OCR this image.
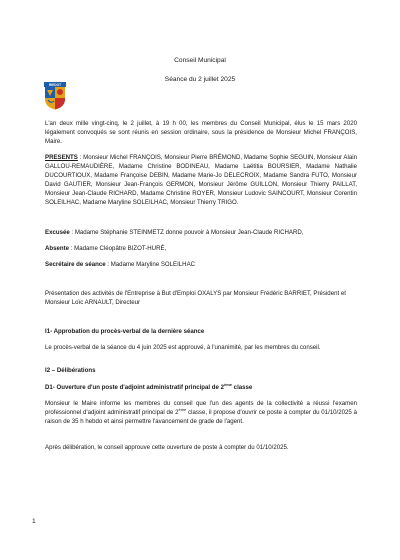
Conseil Municipal
Séance du 2 juillet 2025
RIEDOT
L'an deux mille vingt-cinq, le 2 juillet, à 19 h 00, les membres du Conseil Municipal, élus le 15 mars 2020 légalement convoqués se sont réunis en session ordinaire, sous la présidence de Monsieur Michel FRANÇOIS, Maire.
PRESENTS : Monsieur Michel FRANÇOIS, Monsieur Pierre BRÉMOND, Madame Sophie SEGUIN, Monsieur Alain GALLOU-REMAUDIÈRE, Madame Christine BODINEAU, Madame Laëtitia BOURSIER, Madame Nathalie DUCOURTIOUX, Madame Françoise DEBIN, Madame Marie-Jo DELECROIX, Madame Sandra FUTO, Monsieur David GAUTIER, Monsieur Jean-François GERMON, Monsieur Jérôme GUILLON, Monsieur Thierry PAILLAT, Monsieur Jean-Claude RICHARD, Madame Christine ROYER, Monsieur Ludovic SAINCOURT, Monsieur Corentin SOLEILHAC, Madame Maryline SOLEILHAC, Monsieur Thierry TRIGO.
Excusée : Madame Stéphanie STEINMETZ donne pouvoir à Monsieur Jean-Claude RICHARD,
Absente : Madame Cléopâtre BIZOT-HURÉ,
Secrétaire de séance : Madame Maryline SOLEILHAC
Présentation des activités de l'Entreprise à But d'Emploi OXALYS par Monsieur Frédéric BARRIET, Président et Monsieur Loïc ARNAULT, Directeur
I1- Approbation du procès-verbal de la dernière séance
Le procès-verbal de la séance du 4 juin 2025 est approuvé, à l'unanimité, par les membres du conseil.
I2 – Délibérations
D1- Ouverture d'un poste d'adjoint administratif principal de 2ème classe
Monsieur le Maire informe les membres du conseil que l'un des agents de la collectivité a réussi l'examen professionnel d'adjoint administratif principal de 2ème classe, il propose d'ouvrir ce poste à compter du 01/10/2025 à raison de 35 h hebdo et ainsi permettre l'avancement de grade de l'agent.
Après délibération, le conseil approuve cette ouverture de poste à compter du 01/10/2025.
1
